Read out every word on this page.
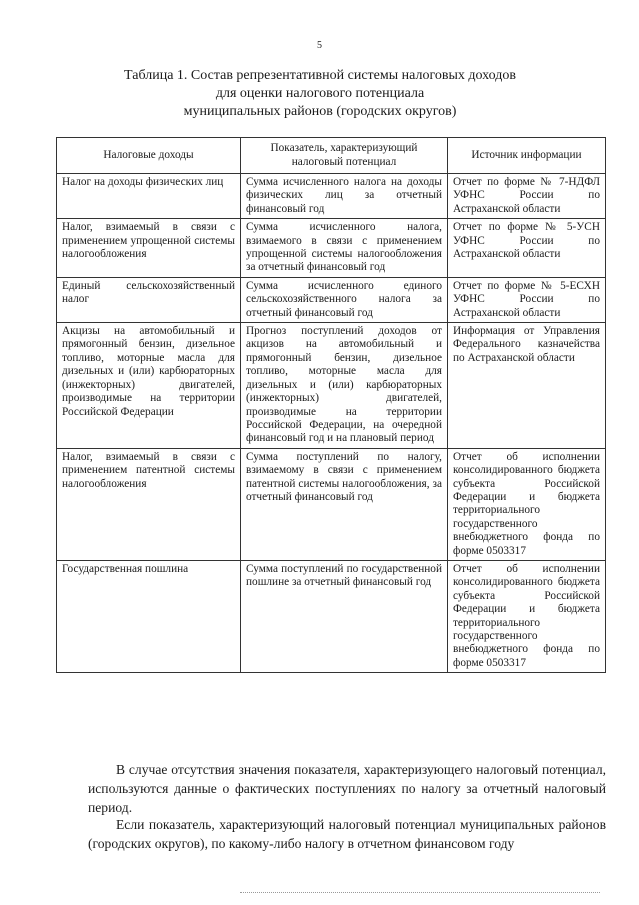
5
Таблица 1. Состав репрезентативной системы налоговых доходов
для оценки налогового потенциала
муниципальных районов (городских округов)
Налоговые доходы	Показатель, характеризующий налоговый потенциал	Источник информации
Налог на доходы физических лиц	Сумма исчисленного налога на доходы физических лиц за отчетный финансовый год	Отчет по форме № 7-НДФЛ УФНС России по Астраханской области
Налог, взимаемый в связи с применением упрощенной системы налогообложения	Сумма исчисленного налога, взимаемого в связи с применением упрощенной системы налогообложения за отчетный финансовый год	Отчет по форме № 5-УСН УФНС России по Астраханской области
Единый сельскохозяйственный налог	Сумма исчисленного единого сельскохозяйственного налога за отчетный финансовый год	Отчет по форме № 5-ЕСХН УФНС России по Астраханской области
Акцизы на автомобильный и прямогонный бензин, дизельное топливо, моторные масла для дизельных и (или) карбюраторных (инжекторных) двигателей, производимые на территории Российской Федерации	Прогноз поступлений доходов от акцизов на автомобильный и прямогонный бензин, дизельное топливо, моторные масла для дизельных и (или) карбюраторных (инжекторных) двигателей, производимые на территории Российской Федерации, на очередной финансовый год и на плановый период	Информация от Управления Федерального казначейства по Астраханской области
Налог, взимаемый в связи с применением патентной системы налогообложения	Сумма поступлений по налогу, взимаемому в связи с применением патентной системы налогообложения, за отчетный финансовый год	Отчет об исполнении консолидированного бюджета субъекта Российской Федерации и бюджета территориального государственного внебюджетного фонда по форме 0503317
Государственная пошлина	Сумма поступлений по государственной пошлине за отчетный финансовый год	Отчет об исполнении консолидированного бюджета субъекта Российской Федерации и бюджета территориального государственного внебюджетного фонда по форме 0503317
В случае отсутствия значения показателя, характеризующего налоговый потенциал, используются данные о фактических поступлениях по налогу за отчетный налоговый период.
Если показатель, характеризующий налоговый потенциал муниципальных районов (городских округов), по какому-либо налогу в отчетном финансовом году
